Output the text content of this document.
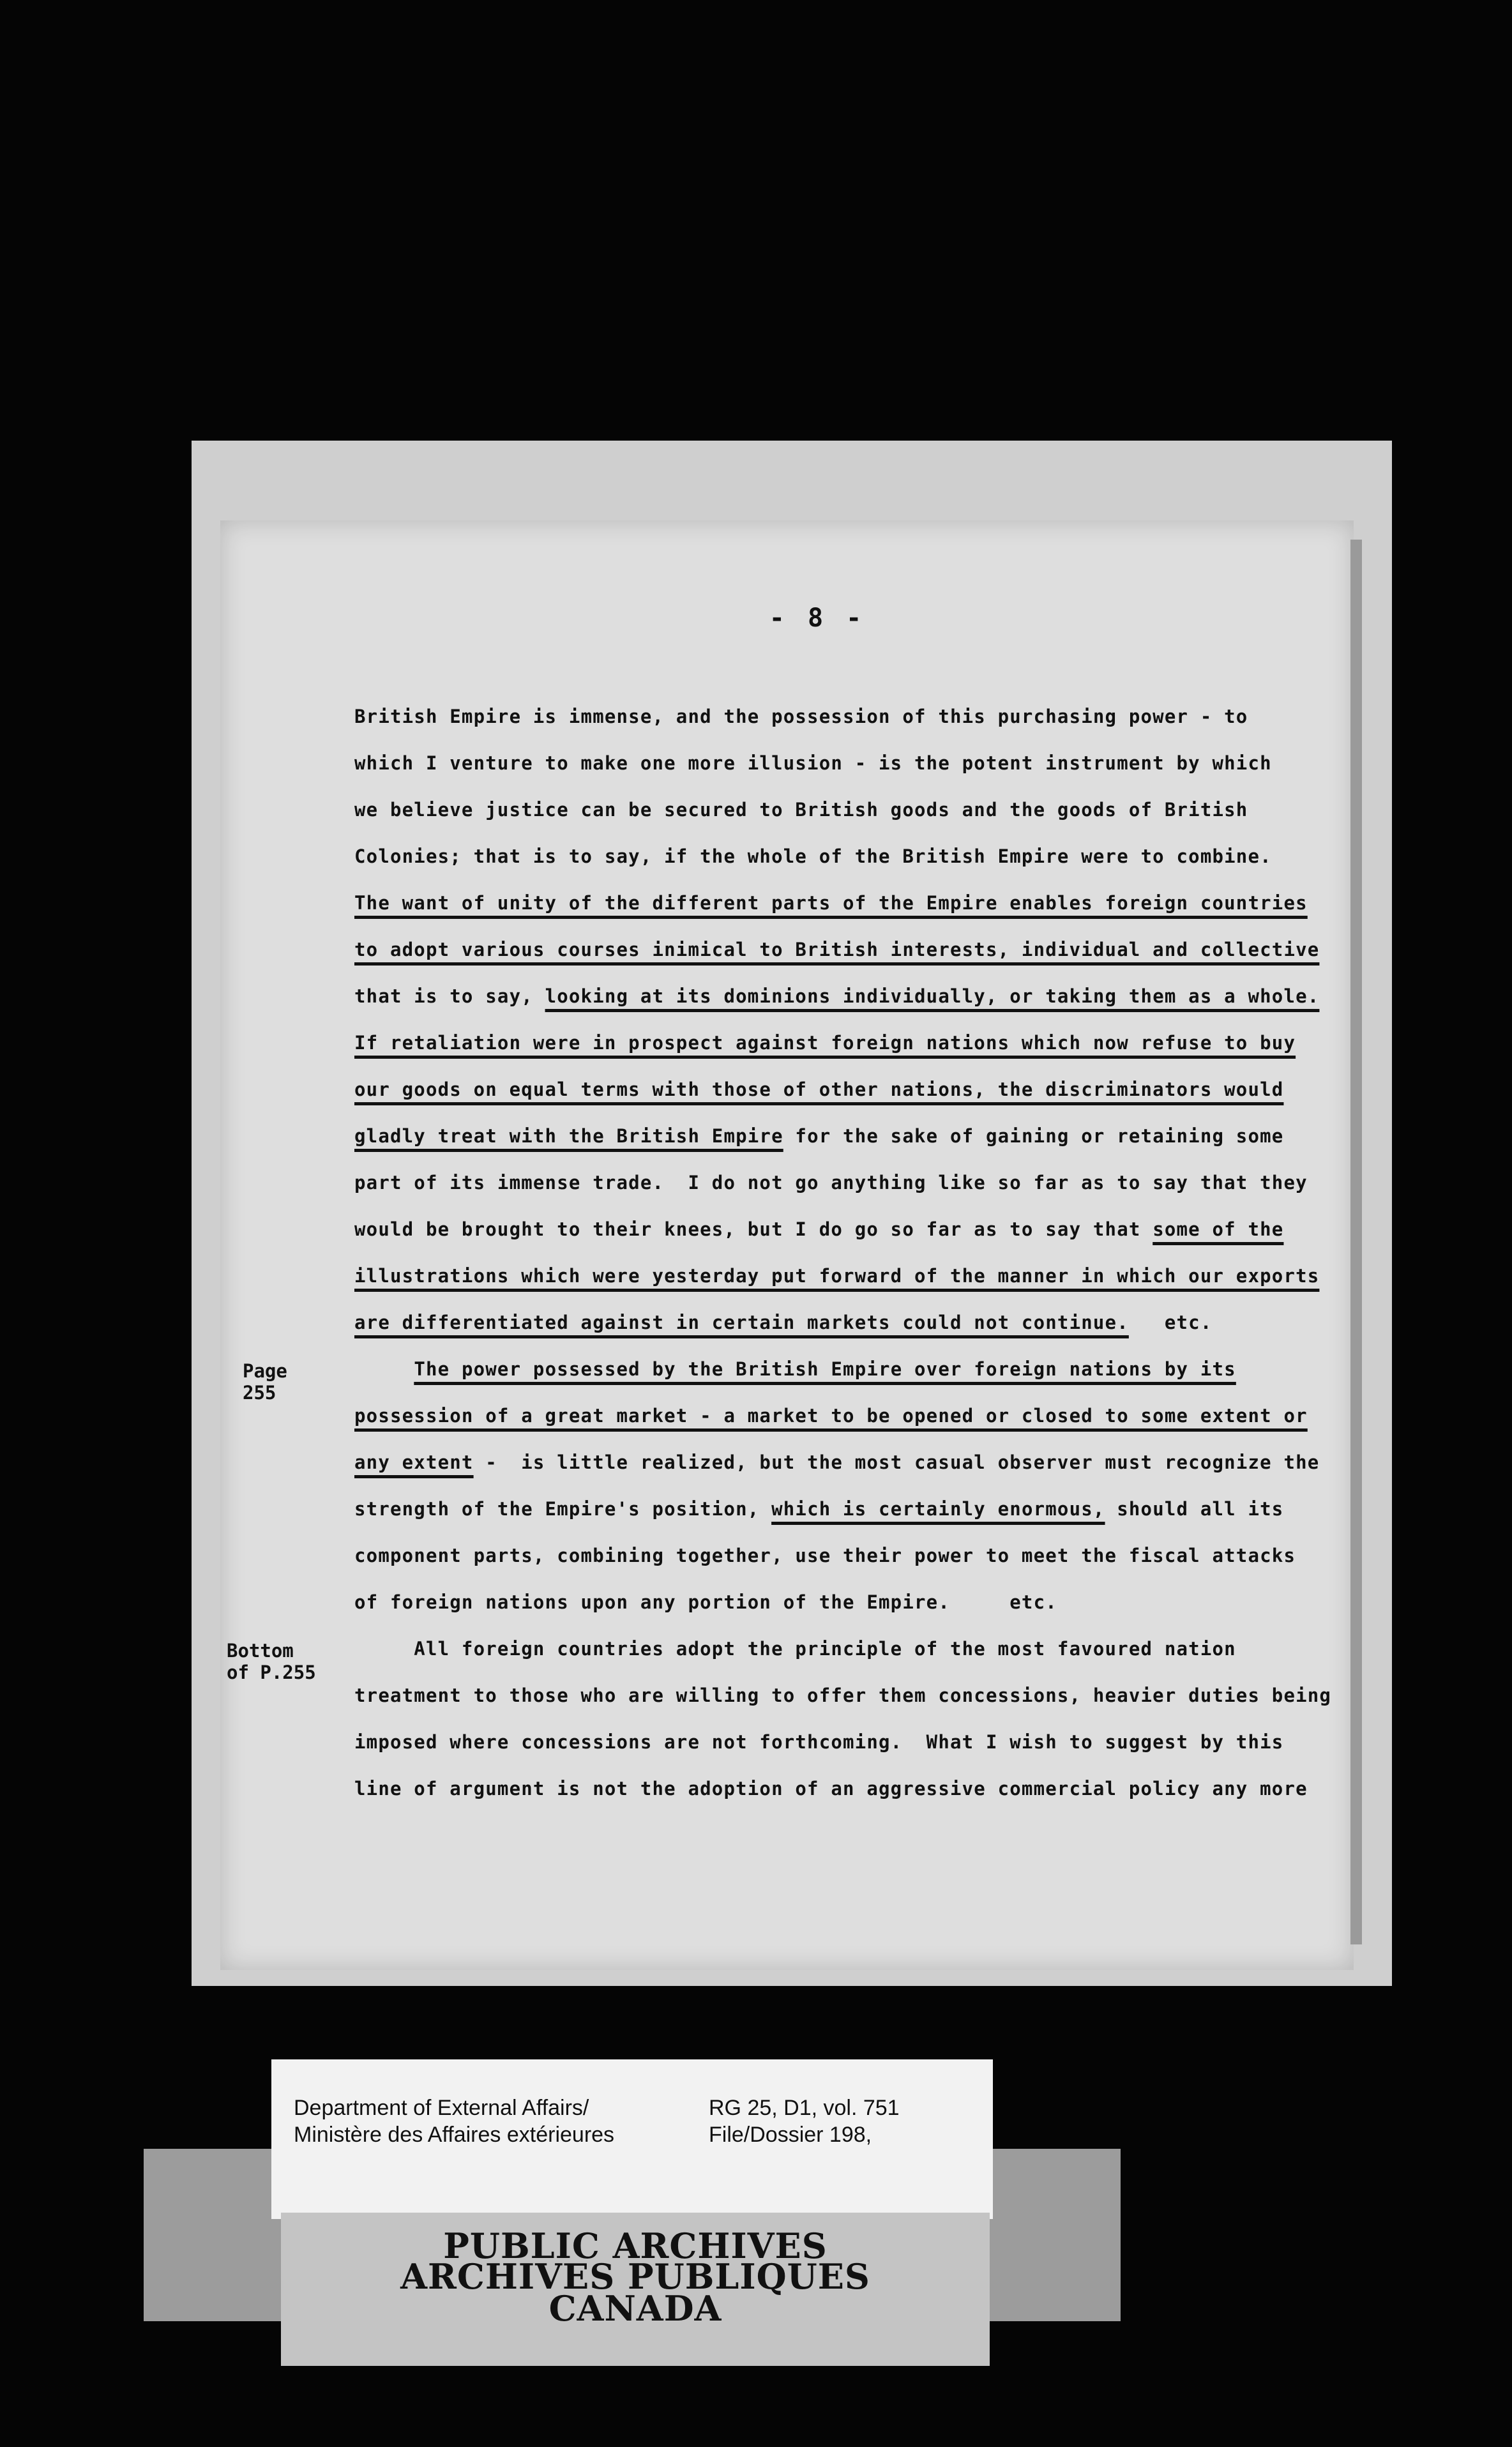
- 8 -
British Empire is immense, and the possession of this purchasing power - to
which I venture to make one more illusion - is the potent instrument by which
we believe justice can be secured to British goods and the goods of British
Colonies; that is to say, if the whole of the British Empire were to combine.
The want of unity of the different parts of the Empire enables foreign countries
to adopt various courses inimical to British interests, individual and collective
that is to say, looking at its dominions individually, or taking them as a whole.
If retaliation were in prospect against foreign nations which now refuse to buy
our goods on equal terms with those of other nations, the discriminators would
gladly treat with the British Empire for the sake of gaining or retaining some
part of its immense trade.  I do not go anything like so far as to say that they
would be brought to their knees, but I do go so far as to say that some of the
illustrations which were yesterday put forward of the manner in which our exports
are differentiated against in certain markets could not continue.   etc.
The power possessed by the British Empire over foreign nations by its
possession of a great market - a market to be opened or closed to some extent or
any extent -  is little realized, but the most casual observer must recognize the
strength of the Empire's position, which is certainly enormous, should all its
component parts, combining together, use their power to meet the fiscal attacks
of foreign nations upon any portion of the Empire.     etc.
All foreign countries adopt the principle of the most favoured nation
treatment to those who are willing to offer them concessions, heavier duties being
imposed where concessions are not forthcoming.  What I wish to suggest by this
line of argument is not the adoption of an aggressive commercial policy any more
Page
255
Bottom
of P.255
Department of External Affairs/
Ministère des Affaires extérieures
RG 25, D1, vol. 751
File/Dossier 198,
PUBLIC ARCHIVES
ARCHIVES PUBLIQUES
CANADA
